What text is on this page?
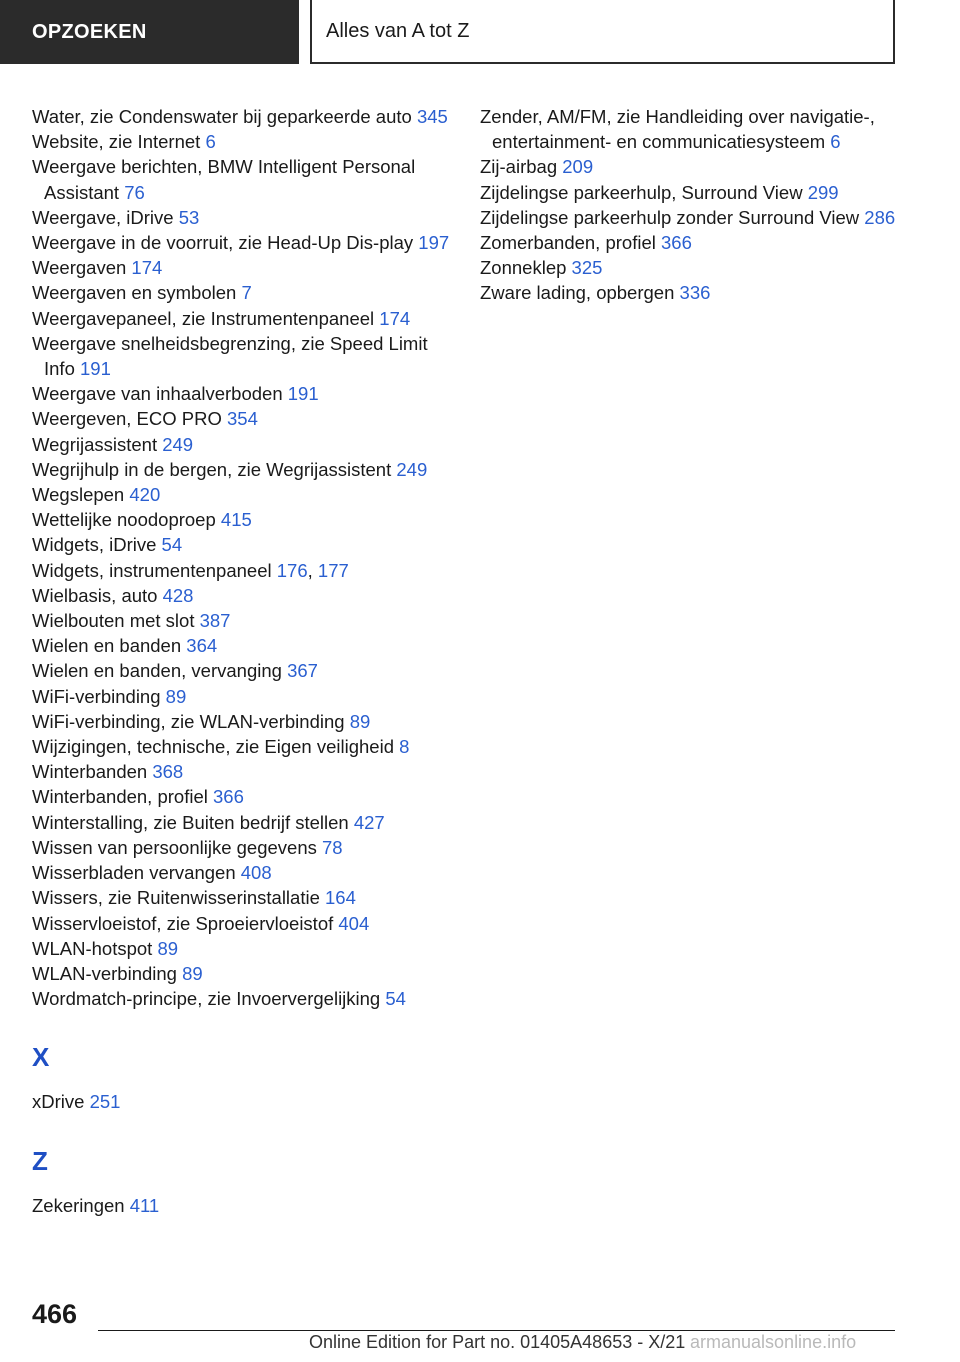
OPZOEKEN	Alles van A tot Z
Water, zie Condenswater bij geparkeerde auto 345
Website, zie Internet 6
Weergave berichten, BMW Intelligent Personal Assistant 76
Weergave, iDrive 53
Weergave in de voorruit, zie Head-Up Dis‐play 197
Weergaven 174
Weergaven en symbolen 7
Weergavepaneel, zie Instrumentenpaneel 174
Weergave snelheidsbegrenzing, zie Speed Limit Info 191
Weergave van inhaalverboden 191
Weergeven, ECO PRO 354
Wegrijassistent 249
Wegrijhulp in de bergen, zie Wegrijassistent 249
Wegslepen 420
Wettelijke noodoproep 415
Widgets, iDrive 54
Widgets, instrumentenpaneel 176, 177
Wielbasis, auto 428
Wielbouten met slot 387
Wielen en banden 364
Wielen en banden, vervanging 367
WiFi-verbinding 89
WiFi-verbinding, zie WLAN-verbinding 89
Wijzigingen, technische, zie Eigen veiligheid 8
Winterbanden 368
Winterbanden, profiel 366
Winterstalling, zie Buiten bedrijf stellen 427
Wissen van persoonlijke gegevens 78
Wisserbladen vervangen 408
Wissers, zie Ruitenwisserinstallatie 164
Wisservloeistof, zie Sproeiervloeistof 404
WLAN-hotspot 89
WLAN-verbinding 89
Wordmatch-principe, zie Invoervergelijking 54
X
xDrive 251
Z
Zekeringen 411
Zender, AM/FM, zie Handleiding over navigatie-, entertainment- en communicatiesysteem 6
Zij-airbag 209
Zijdelingse parkeerhulp, Surround View 299
Zijdelingse parkeerhulp zonder Surround View 286
Zomerbanden, profiel 366
Zonneklep 325
Zware lading, opbergen 336
466
Online Edition for Part no. 01405A48653 - X/21 armanualsonline.info
